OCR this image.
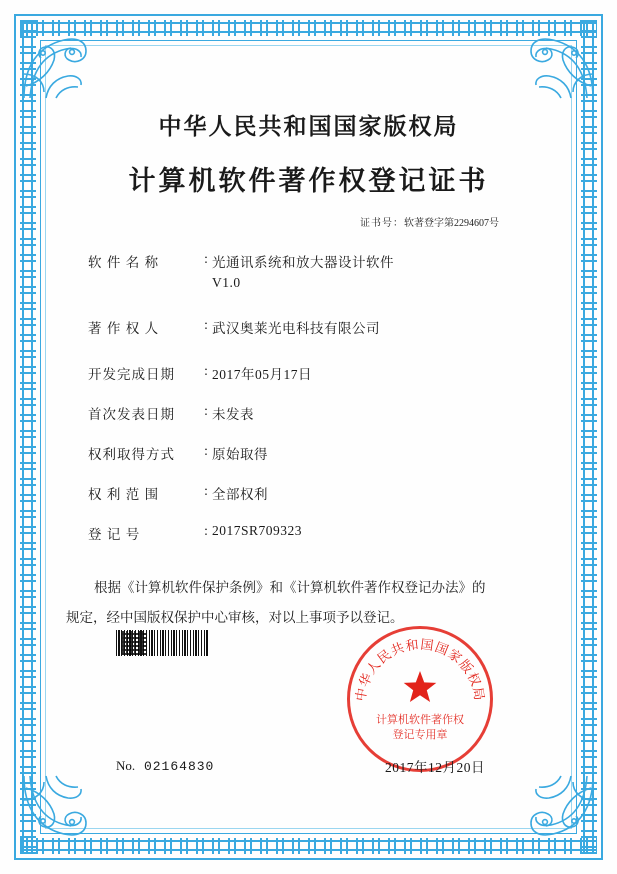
中华人民共和国国家版权局
计算机软件著作权登记证书
证书号：软著登字第2294607号
软 件 名 称	: 光通讯系统和放大器设计软件
V1.0
著 作 权 人	: 武汉奥莱光电科技有限公司
开发完成日期	: 2017年05月17日
首次发表日期	: 未发表
权利取得方式	: 原始取得
权 利 范 围	: 全部权利
登 记 号	: 2017SR709323
根据《计算机软件保护条例》和《计算机软件著作权登记办法》的
规定，经中国版权保护中心审核，对以上事项予以登记。
No. 02164830
中华人民共和国国家版权局
计算机软件著作权
登记专用章
2017年12月20日
